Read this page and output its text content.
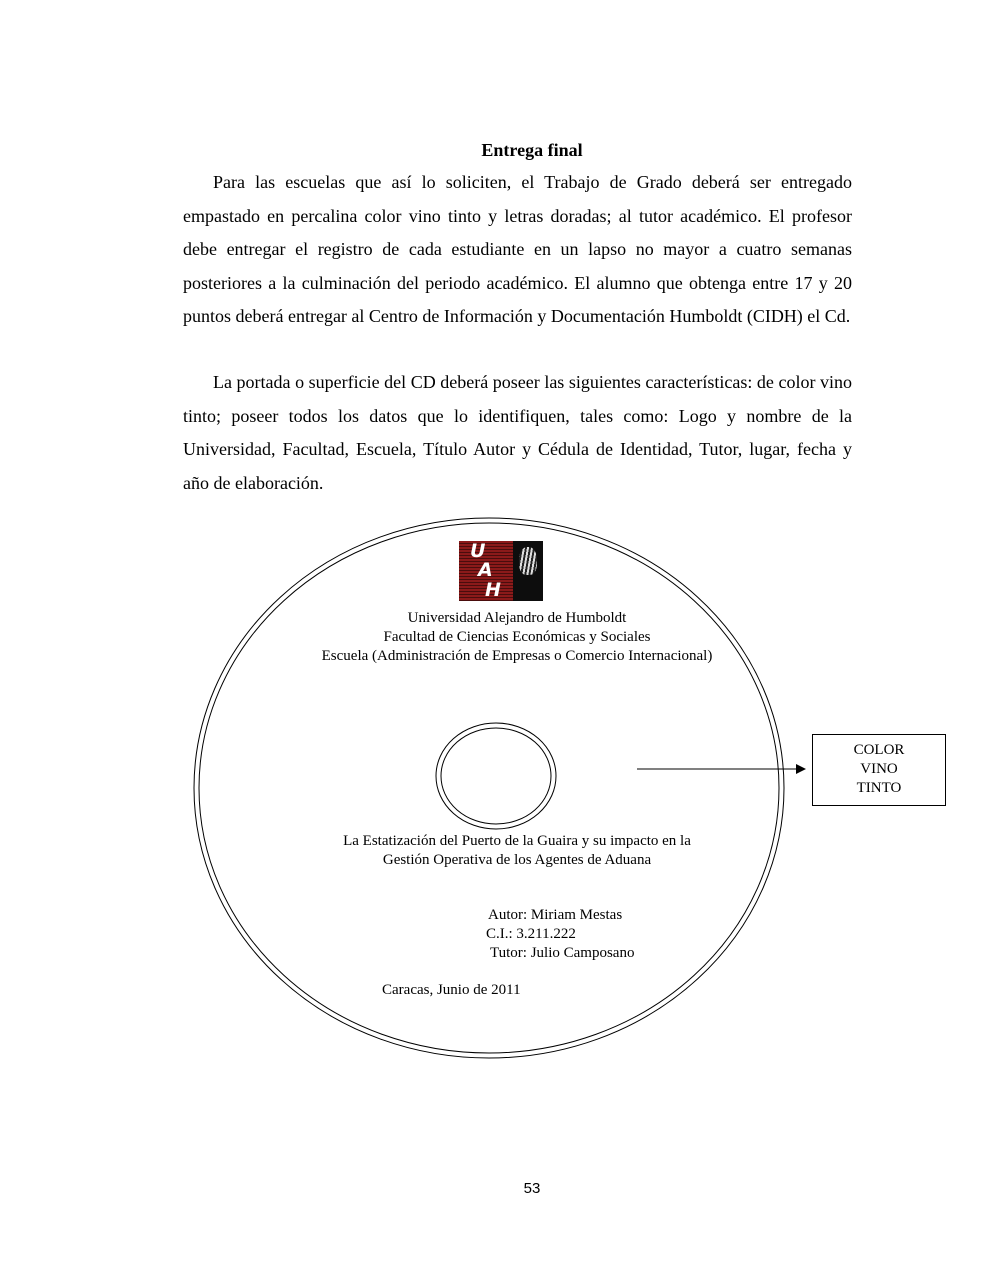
Entrega final

Para las escuelas que así lo soliciten, el Trabajo de Grado deberá ser entregado empastado en percalina color vino tinto y letras doradas; al tutor académico. El profesor debe entregar el registro de cada estudiante en un lapso no mayor a cuatro semanas posteriores a la culminación del periodo académico. El alumno que obtenga entre 17 y 20 puntos deberá entregar al Centro de Información y Documentación Humboldt (CIDH) el Cd.

La portada o superficie del CD deberá poseer las siguientes características: de color vino tinto; poseer todos los datos que lo identifiquen, tales como: Logo y nombre de la Universidad, Facultad, Escuela, Título Autor y Cédula de Identidad, Tutor, lugar, fecha y año de elaboración.

U
A
H
Universidad Alejandro de Humboldt
Facultad de Ciencias Económicas y Sociales
Escuela (Administración de Empresas o Comercio Internacional)
La Estatización del Puerto de la Guaira y su impacto en la
Gestión Operativa de los Agentes de Aduana
Autor: Miriam Mestas
C.I.: 3.211.222
Tutor: Julio Camposano
Caracas, Junio de 2011
COLOR
VINO
TINTO
53
